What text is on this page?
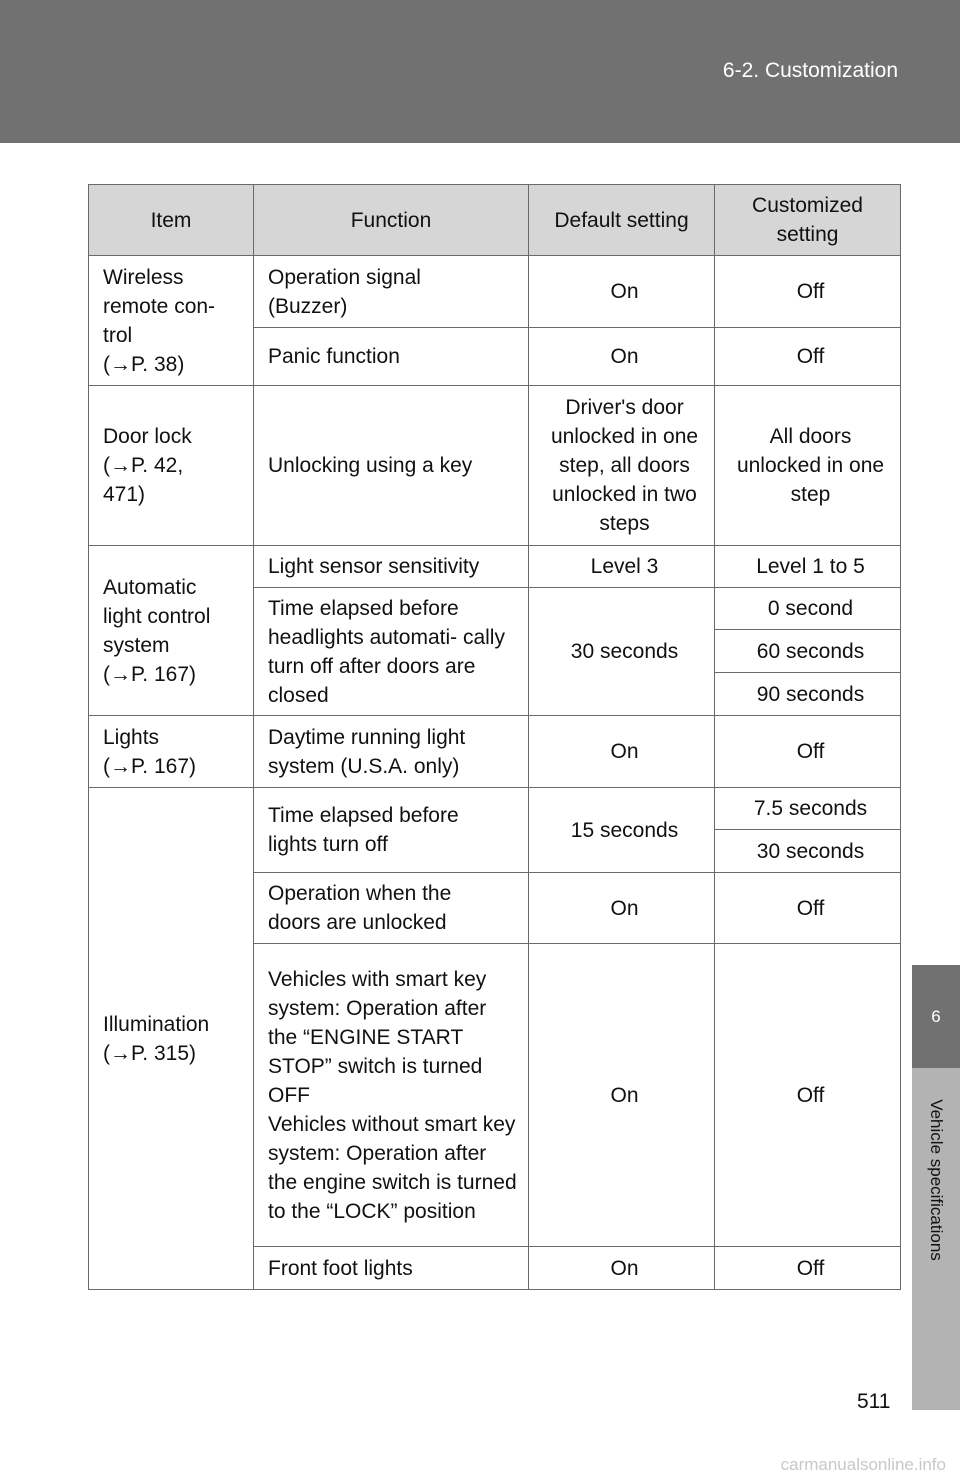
6-2. Customization
6
Vehicle specifications
Item	Function	Default setting	Customized setting
Wireless
remote con-
trol
(→P. 38)	Operation signal
(Buzzer)	On	Off
	Panic function	On	Off
Door lock
(→P. 42,
471)	Unlocking using a key	Driver's door unlocked in one step, all doors unlocked in two steps	All doors unlocked in one step
Automatic
light control
system
(→P. 167)	Light sensor sensitivity	Level 3	Level 1 to 5
	Time elapsed before headlights automati- cally turn off after doors are closed	30 seconds	0 second
			60 seconds
			90 seconds
Lights
(→P. 167)	Daytime running light
system (U.S.A. only)	On	Off
Illumination
(→P. 315)	Time elapsed before
lights turn off	15 seconds	7.5 seconds
			30 seconds
	Operation when the
doors are unlocked	On	Off
	Vehicles with smart key system: Operation after the “ENGINE START STOP” switch is turned OFF
Vehicles without smart key system: Operation after the engine switch is turned to the “LOCK” position	On	Off
	Front foot lights	On	Off
511
carmanualsonline.info
